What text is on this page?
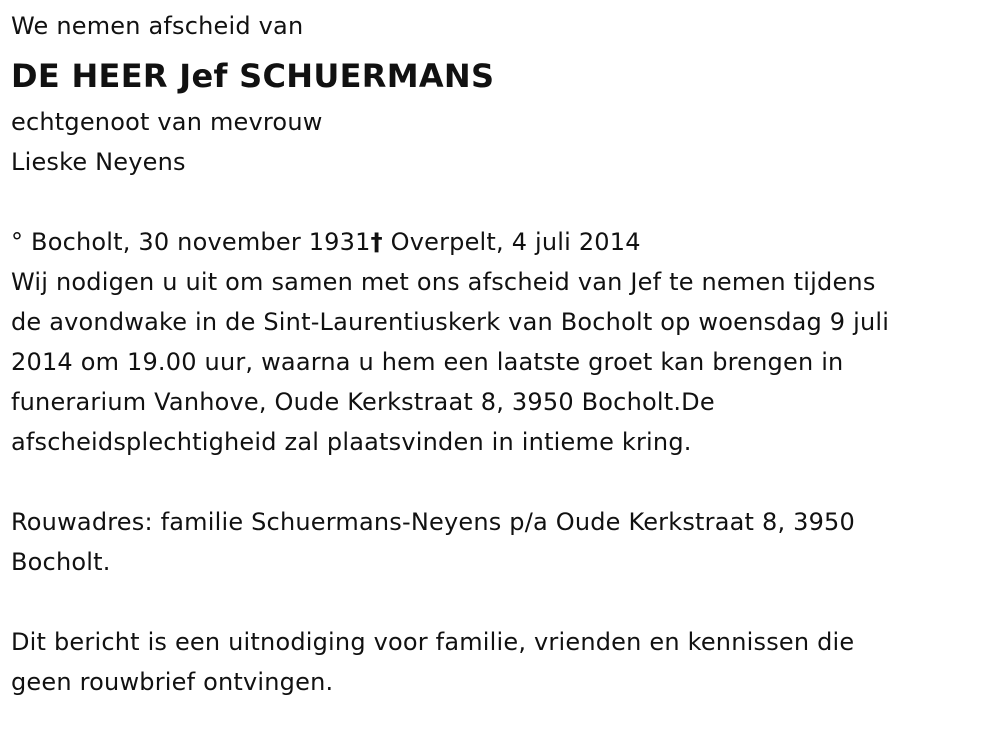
We nemen afscheid van
DE HEER Jef SCHUERMANS
echtgenoot van mevrouw
Lieske Neyens
° Bocholt, 30 november 1931† Overpelt, 4 juli 2014
Wij nodigen u uit om samen met ons afscheid van Jef te nemen tijdens
de avondwake in de Sint-Laurentiuskerk van Bocholt op woensdag 9 juli
2014 om 19.00 uur, waarna u hem een laatste groet kan brengen in
funerarium Vanhove, Oude Kerkstraat 8, 3950 Bocholt.De
afscheidsplechtigheid zal plaatsvinden in intieme kring.
Rouwadres: familie Schuermans-Neyens p/a Oude Kerkstraat 8, 3950
Bocholt.
Dit bericht is een uitnodiging voor familie, vrienden en kennissen die
geen rouwbrief ontvingen.
